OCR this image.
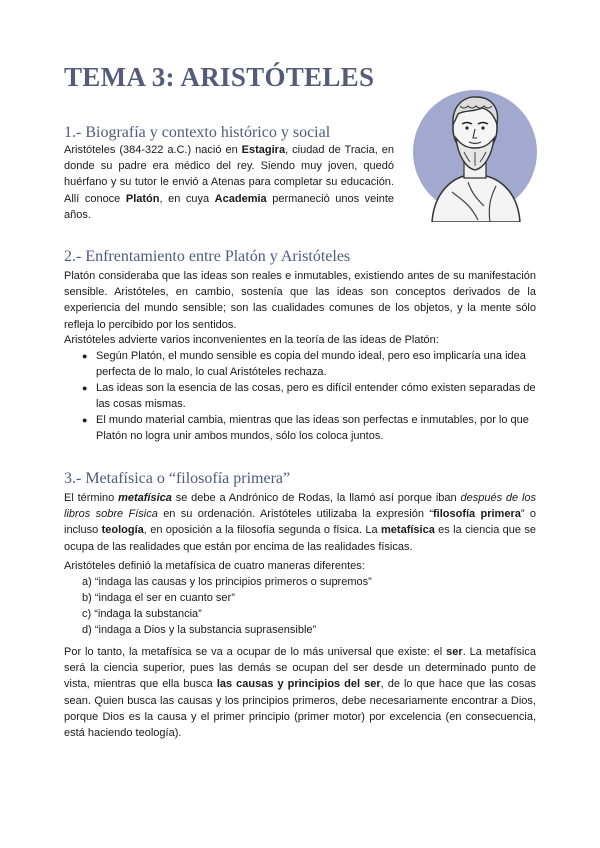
TEMA 3: ARISTÓTELES
1.- Biografía y contexto histórico y social

Aristóteles (384-322 a.C.) nació en Estagira, ciudad de Tracia, en donde su padre era médico del rey. Siendo muy joven, quedó huérfano y su tutor le envió a Atenas para completar su educación. Allí conoce Platón, en cuya Academia permaneció unos veinte años.

2.- Enfrentamiento entre Platón y Aristóteles

Platón consideraba que las ideas son reales e inmutables, existiendo antes de su manifestación sensible. Aristóteles, en cambio, sostenía que las ideas son conceptos derivados de la experiencia del mundo sensible; son las cualidades comunes de los objetos, y la mente sólo refleja lo percibido por los sentidos.

Aristóteles advierte varios inconvenientes en la teoría de las ideas de Platón:

● Según Platón, el mundo sensible es copia del mundo ideal, pero eso implicaría una idea perfecta de lo malo, lo cual Aristóteles rechaza.

● Las ideas son la esencia de las cosas, pero es difícil entender cómo existen separadas de las cosas mismas.

● El mundo material cambia, mientras que las ideas son perfectas e inmutables, por lo que Platón no logra unir ambos mundos, sólo los coloca juntos.

3.- Metafísica o “filosofía primera”

El término metafísica se debe a Andrónico de Rodas, la llamó así porque iban después de los libros sobre Física en su ordenación. Aristóteles utilizaba la expresión “filosofía primera” o incluso teología, en oposición a la filosofía segunda o física. La metafísica es la ciencia que se ocupa de las realidades que están por encima de las realidades físicas.

Aristóteles definió la metafísica de cuatro maneras diferentes:

a) “indaga las causas y los principios primeros o supremos”

b) “indaga el ser en cuanto ser”

c) “indaga la substancia”

d) “indaga a Dios y la substancia suprasensible”

Por lo tanto, la metafísica se va a ocupar de lo más universal que existe: el ser. La metafísica será la ciencia superior, pues las demás se ocupan del ser desde un determinado punto de vista, mientras que ella busca las causas y principios del ser, de lo que hace que las cosas sean. Quien busca las causas y los principios primeros, debe necesariamente encontrar a Dios, porque Dios es la causa y el primer principio (primer motor) por excelencia (en consecuencia, está haciendo teología).
